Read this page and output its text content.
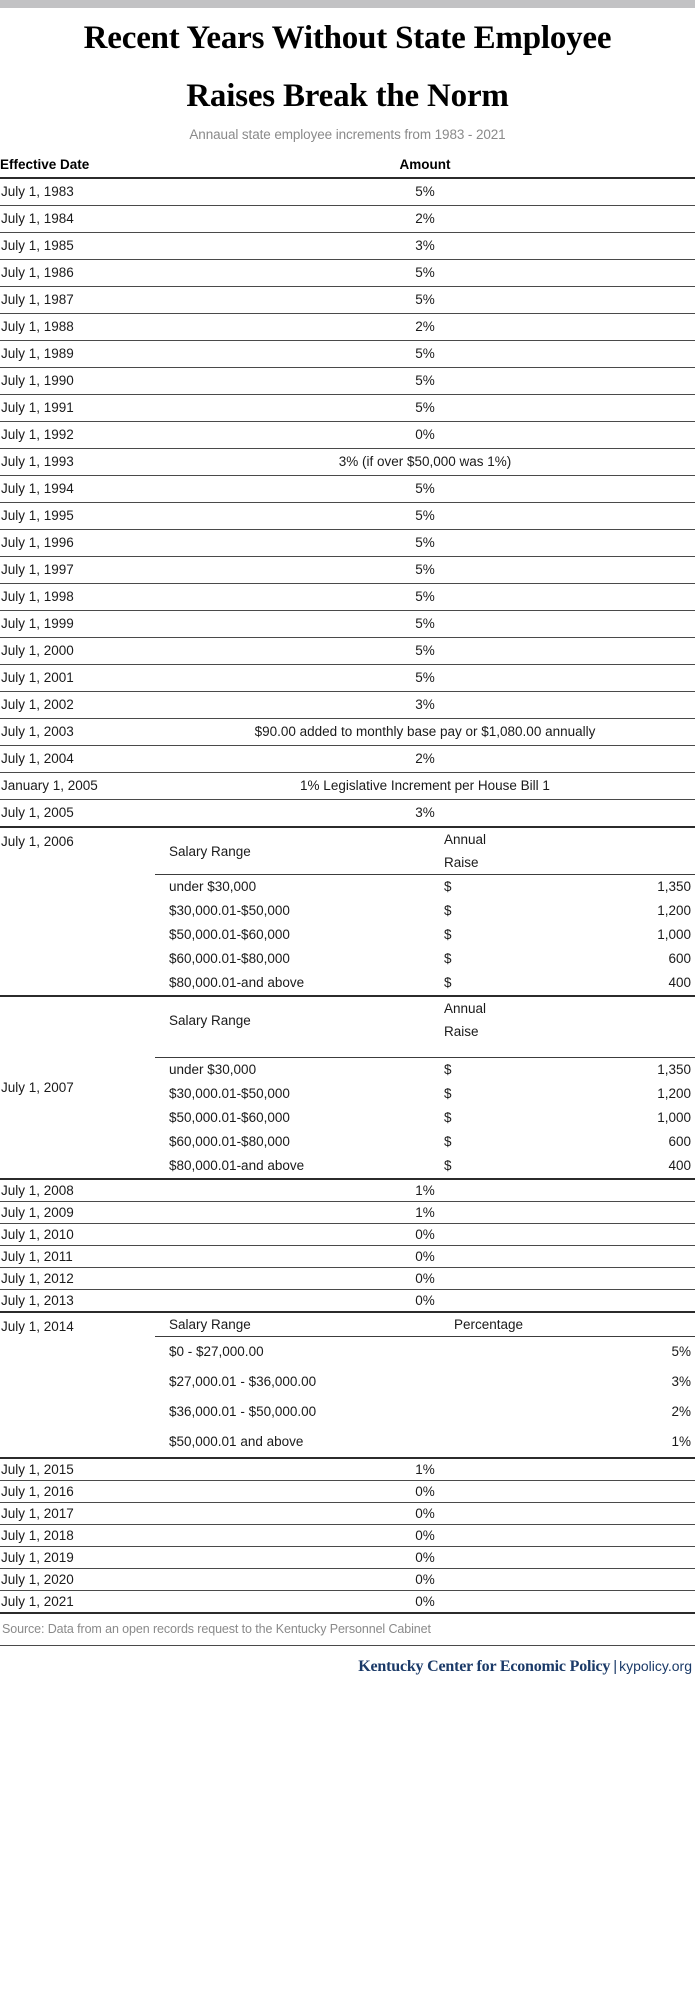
Recent Years Without State Employee
Raises Break the Norm
Annaual state employee increments from 1983 - 2021
Effective Date	Amount
July 1, 1983	5%
July 1, 1984	2%
July 1, 1985	3%
July 1, 1986	5%
July 1, 1987	5%
July 1, 1988	2%
July 1, 1989	5%
July 1, 1990	5%
July 1, 1991	5%
July 1, 1992	0%
July 1, 1993	3% (if over $50,000 was 1%)
July 1, 1994	5%
July 1, 1995	5%
July 1, 1996	5%
July 1, 1997	5%
July 1, 1998	5%
July 1, 1999	5%
July 1, 2000	5%
July 1, 2001	5%
July 1, 2002	3%
July 1, 2003	$90.00 added to monthly base pay or $1,080.00 annually
July 1, 2004	2%
January 1, 2005	1% Legislative Increment per House Bill 1
July 1, 2005	3%
July 1, 2006	
Salary Range	Annual Raise	
under $30,000	$	1,350
$30,000.01-$50,000	$	1,200
$50,000.01-$60,000	$	1,000
$60,000.01-$80,000	$	600
$80,000.01-and above	$	400

July 1, 2007	
Salary Range	Annual Raise	

under $30,000	$	1,350
$30,000.01-$50,000	$	1,200
$50,000.01-$60,000	$	1,000
$60,000.01-$80,000	$	600
$80,000.01-and above	$	400

July 1, 2008	1%
July 1, 2009	1%
July 1, 2010	0%
July 1, 2011	0%
July 1, 2012	0%
July 1, 2013	0%
July 1, 2014		Salary Range	Percentage
$0 - $27,000.00	5%
$27,000.01 - $36,000.00	3%
$36,000.01 - $50,000.00	2%
$50,000.01 and above	1%

July 1, 2015	1%
July 1, 2016	0%
July 1, 2017	0%
July 1, 2018	0%
July 1, 2019	0%
July 1, 2020	0%
July 1, 2021	0%
Source: Data from an open records request to the Kentucky Personnel Cabinet
Kentucky Center for Economic Policy | kypolicy.org
